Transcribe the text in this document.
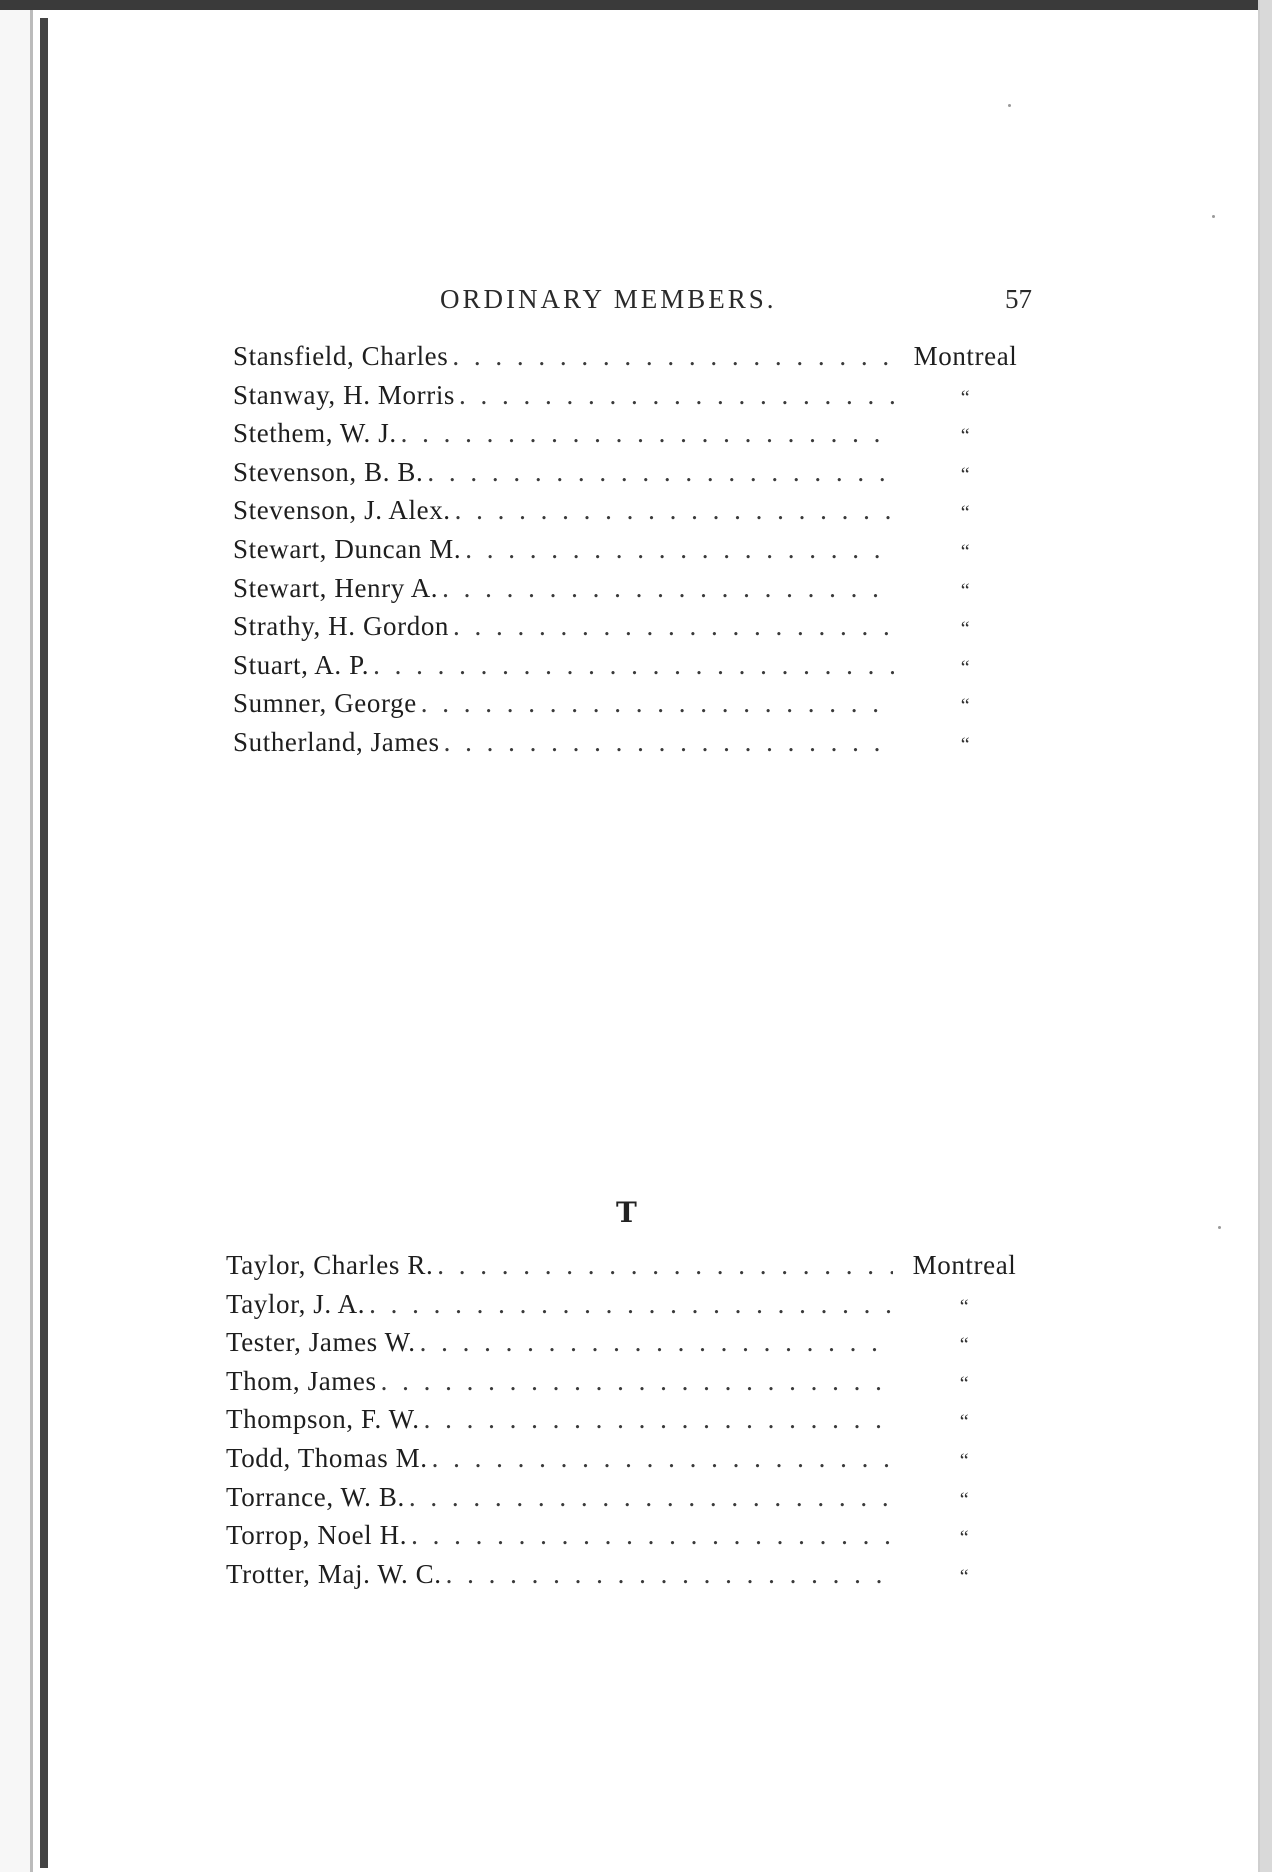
ORDINARY MEMBERS.	57
Stansfield, Charles . . .	Montreal
Stanway, H. Morris . . .	“
Stethem, W. J. . . .	“
Stevenson, B. B. . . .	“
Stevenson, J. Alex. . . .	“
Stewart, Duncan M. . . .	“
Stewart, Henry A. . . .	“
Strathy, H. Gordon . . .	“
Stuart, A. P. . . .	“
Sumner, George . . .	“
Sutherland, James . . .	“
T
Taylor, Charles R. . . .	Montreal
Taylor, J. A. . . .	“
Tester, James W. . . .	“
Thom, James . . .	“
Thompson, F. W. . . .	“
Todd, Thomas M. . . .	“
Torrance, W. B. . . .	“
Torrop, Noel H. . . .	“
Trotter, Maj. W. C. . . .	“
